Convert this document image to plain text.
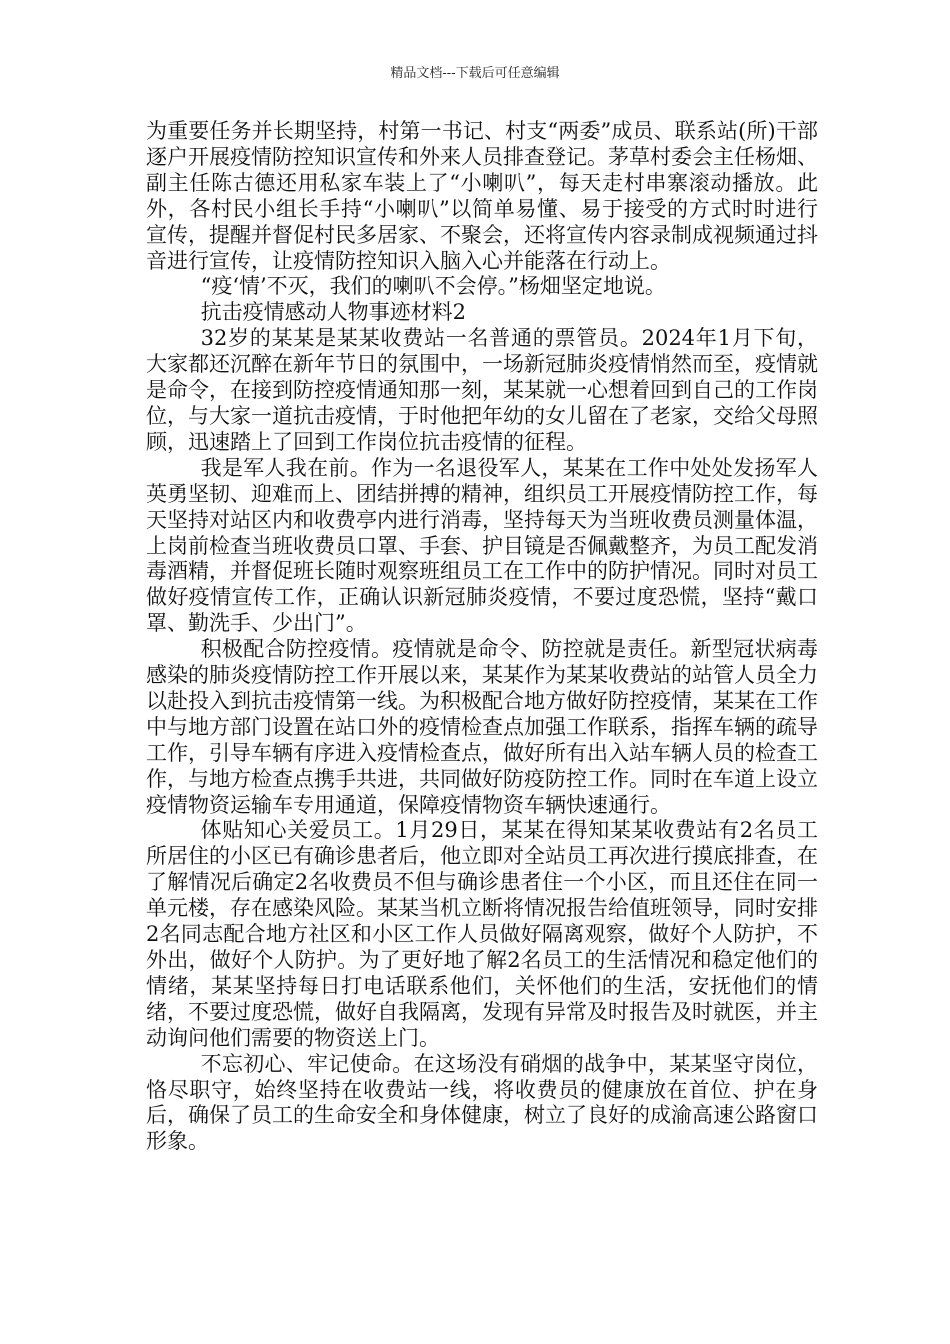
精品文档---下载后可任意编辑

为重要任务并长期坚持，村第一书记、村支“两委”成员、联系站(所)干部逐户开展疫情防控知识宣传和外来人员排查登记。茅草村委会主任杨畑、副主任陈古德还用私家车装上了“小喇叭”，每天走村串寨滚动播放。此外，各村民小组长手持“小喇叭”以简单易懂、易于接受的方式时时进行宣传，提醒并督促村民多居家、不聚会，还将宣传内容录制成视频通过抖音进行宣传，让疫情防控知识入脑入心并能落在行动上。

“疫‘情’不灭，我们的喇叭不会停。”杨畑坚定地说。

抗击疫情感动人物事迹材料2

32岁的某某是某某收费站一名普通的票管员。2024年1月下旬，大家都还沉醉在新年节日的氛围中，一场新冠肺炎疫情悄然而至，疫情就是命令，在接到防控疫情通知那一刻，某某就一心想着回到自己的工作岗位，与大家一道抗击疫情，于时他把年幼的女儿留在了老家，交给父母照顾，迅速踏上了回到工作岗位抗击疫情的征程。

我是军人我在前。作为一名退役军人，某某在工作中处处发扬军人英勇坚韧、迎难而上、团结拼搏的精神，组织员工开展疫情防控工作，每天坚持对站区内和收费亭内进行消毒，坚持每天为当班收费员测量体温，上岗前检查当班收费员口罩、手套、护目镜是否佩戴整齐，为员工配发消毒酒精，并督促班长随时观察班组员工在工作中的防护情况。同时对员工做好疫情宣传工作，正确认识新冠肺炎疫情，不要过度恐慌，坚持“戴口罩、勤洗手、少出门”。

积极配合防控疫情。疫情就是命令、防控就是责任。新型冠状病毒感染的肺炎疫情防控工作开展以来，某某作为某某收费站的站管人员全力以赴投入到抗击疫情第一线。为积极配合地方做好防控疫情，某某在工作中与地方部门设置在站口外的疫情检查点加强工作联系，指挥车辆的疏导工作，引导车辆有序进入疫情检查点，做好所有出入站车辆人员的检查工作，与地方检查点携手共进，共同做好防疫防控工作。同时在车道上设立疫情物资运输车专用通道，保障疫情物资车辆快速通行。

体贴知心关爱员工。1月29日，某某在得知某某收费站有2名员工所居住的小区已有确诊患者后，他立即对全站员工再次进行摸底排查，在了解情况后确定2名收费员不但与确诊患者住一个小区，而且还住在同一单元楼，存在感染风险。某某当机立断将情况报告给值班领导，同时安排2名同志配合地方社区和小区工作人员做好隔离观察，做好个人防护，不外出，做好个人防护。为了更好地了解2名员工的生活情况和稳定他们的情绪，某某坚持每日打电话联系他们，关怀他们的生活，安抚他们的情绪，不要过度恐慌，做好自我隔离，发现有异常及时报告及时就医，并主动询问他们需要的物资送上门。

不忘初心、牢记使命。在这场没有硝烟的战争中，某某坚守岗位，恪尽职守，始终坚持在收费站一线，将收费员的健康放在首位、护在身后，确保了员工的生命安全和身体健康，树立了良好的成渝高速公路窗口形象。
